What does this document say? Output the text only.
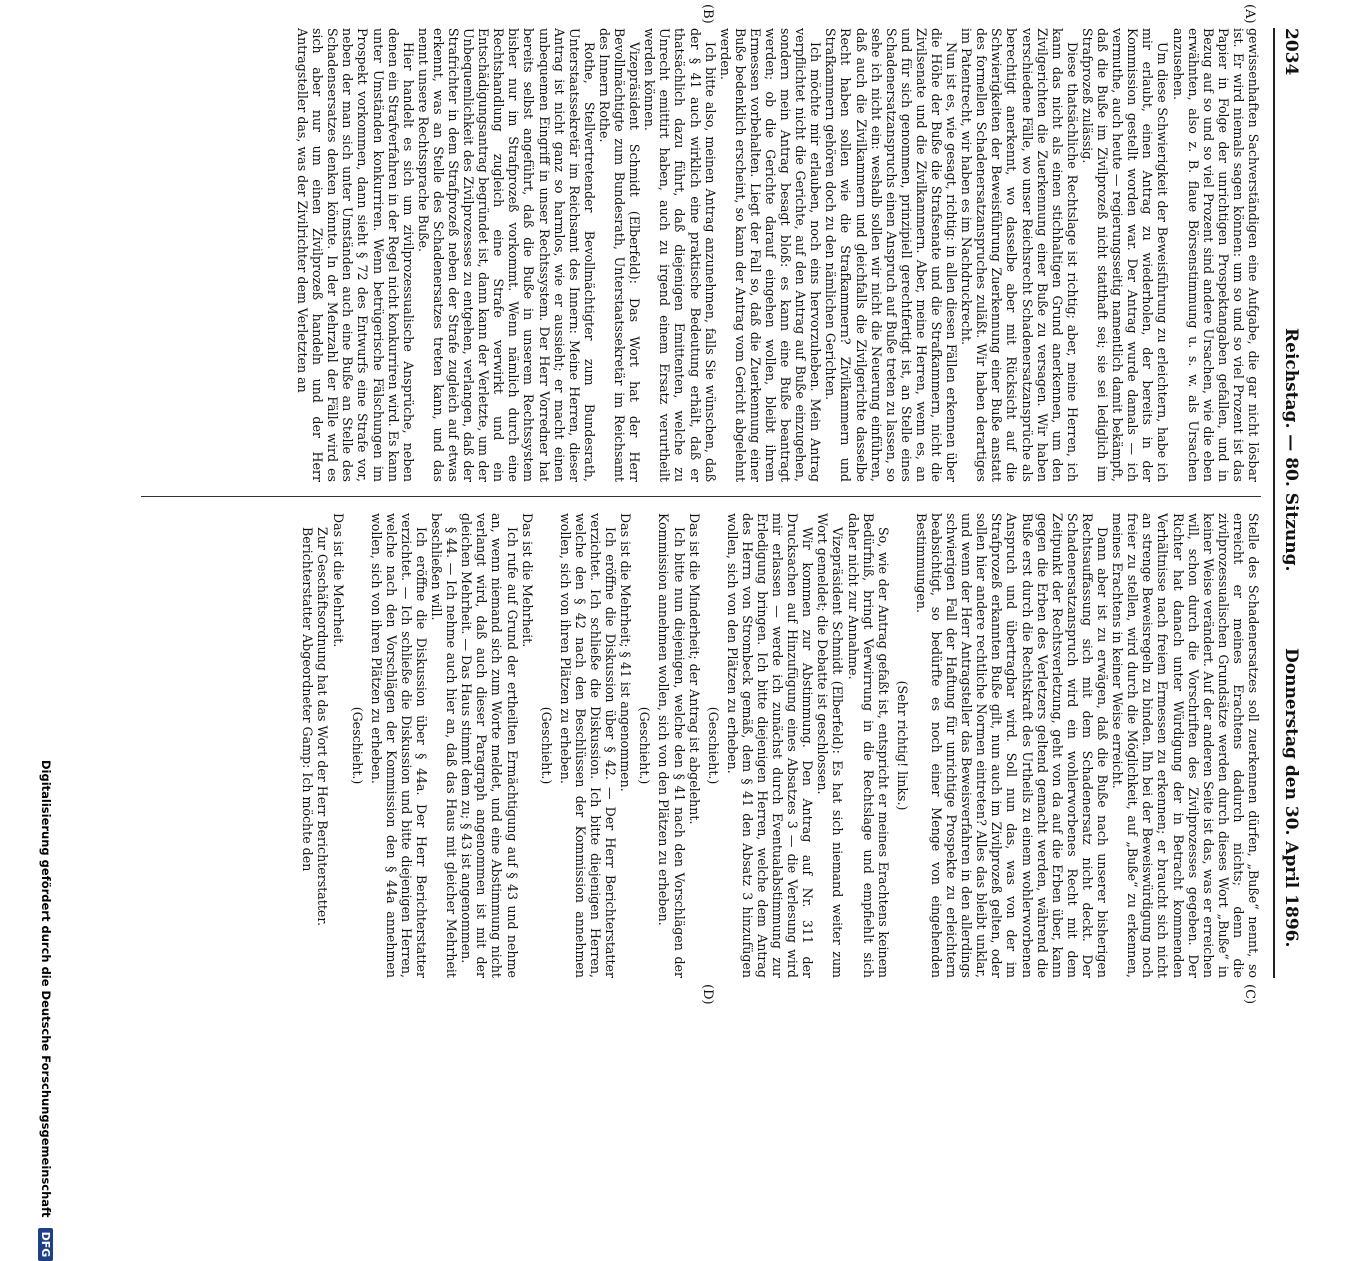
2034
Reichstag. — 80. Sitzung.
Donnerstag den 30. April 1896.
(A)
(B)
(C)
(D)

gewissenhaften Sachverständigen eine Aufgabe, die gar nicht lösbar ist. Er wird niemals sagen können: um so und so viel Prozent ist das Papier in Folge der unrichtigen Prospektangaben gefallen, und in Bezug auf so und so viel Prozent sind andere Ursachen, wie die eben erwähnten, also z. B. flaue Börsenstimmung u. s. w. als Ursachen anzusehen.

Um diese Schwierigkeit der Beweisführung zu erleichtern, habe ich mir erlaubt, einen Antrag zu wiederholen, der bereits in der Kommission gestellt worden war. Der Antrag wurde damals — ich vermuthe, auch heute — regierungsseitig namentlich damit bekämpft, daß die Buße im Zivilprozeß nicht statthaft sei; sie sei lediglich im Strafprozeß zulässig.

Diese thatsächliche Rechtslage ist richtig; aber, meine Herren, ich kann das nicht als einen stichhaltigen Grund anerkennen, um den Zivilgerichten die Zuerkennung einer Buße zu versagen. Wir haben verschiedene Fälle, wo unser Reichsrecht Schadenersatzansprüche als berechtigt anerkennt, wo dasselbe aber mit Rücksicht auf die Schwierigkeiten der Beweisführung Zuerkennung einer Buße anstatt des formellen Schadenersatzanspruches zuläßt. Wir haben derartiges im Patentrecht, wir haben es im Nachdruckrecht.

Nun ist es, wie gesagt, richtig: in allen diesen Fällen erkennen über die Höhe der Buße die Strafsenate und die Strafkammern, nicht die Zivilsenate und die Zivilkammern. Aber, meine Herren, wenn es, an und für sich genommen, prinzipiell gerechtfertigt ist, an Stelle eines Schadenersatzanspruchs einen Anspruch auf Buße treten zu lassen, so sehe ich nicht ein: weshalb sollen wir nicht die Neuerung einführen, daß auch die Zivilkammern und gleichfalls die Zivilgerichte dasselbe Recht haben sollen wie die Strafkammern? Zivilkammern und Strafkammern gehören doch zu den nämlichen Gerichten.

Ich möchte mir erlauben, noch eins hervorzuheben. Mein Antrag verpflichtet nicht die Gerichte, auf den Antrag auf Buße einzugehen, sondern mein Antrag besagt bloß: es kann eine Buße beantragt werden; ob die Gerichte darauf eingehen wollen, bleibt ihrem Ermessen vorbehalten. Liegt der Fall so, daß die Zuerkennung einer Buße bedenklich erscheint, so kann der Antrag vom Gericht abgelehnt werden.

Ich bitte also, meinen Antrag anzunehmen, falls Sie wünschen, daß der § 41 auch wirklich eine praktische Bedeutung erhält, daß er thatsächlich dazu führt, daß diejenigen Emittenten, welche zu Unrecht emittirt haben, auch zu irgend einem Ersatz verurtheilt werden können.

Vizepräsident Schmidt (Elberfeld): Das Wort hat der Herr Bevollmächtigte zum Bundesrath, Unterstaatssekretär im Reichsamt des Innern Rothe.

Rothe, Stellvertretender Bevollmächtigter zum Bundesrath, Unterstaatssekretär im Reichsamt des Innern: Meine Herren, dieser Antrag ist nicht ganz so harmlos, wie er aussieht; er macht einen unbequemen Eingriff in unser Rechtssystem. Der Herr Vorredner hat bereits selbst angeführt, daß die Buße in unserem Rechtssystem bisher nur im Strafprozeß vorkommt. Wenn nämlich durch eine Rechtshandlung zugleich eine Strafe verwirkt und ein Entschädigungsantrag begründet ist, dann kann der Verletzte, um der Unbequemlichkeit des Zivilprozesses zu entgehen, verlangen, daß der Strafrichter in dem Strafprozeß neben der Strafe zugleich auf etwas erkennt, was an Stelle des Schadenersatzes treten kann, und das nennt unsere Rechtssprache Buße.

Hier handelt es sich um zivilprozessualische Ansprüche, neben denen ein Strafverfahren in der Regel nicht konkurriren wird. Es kann unter Umständen konkurriren. Wenn betrügerische Fälschungen im Prospekt vorkommen, dann sieht § 72 des Entwurfs eine Strafe vor, neben der man sich unter Umständen auch eine Buße an Stelle des Schadensersatzes denken könnte. In der Mehrzahl der Fälle wird es sich aber nur um einen Zivilprozeß handeln und der Herr Antragsteller das, was der Zivilrichter dem Verletzten an

Stelle des Schadenersatzes soll zuerkennen dürfen, „Buße“ nennt, so erreicht er meines Erachtens dadurch nichts; denn die zivilprozessualischen Grundsätze werden durch dieses Wort „Buße“ in keiner Weise verändert. Auf der anderen Seite ist das, was er erreichen will, schon durch die Vorschriften des Zivilprozesses gegeben. Der Richter hat danach unter Würdigung der in Betracht kommenden Verhältnisse nach freiem Ermessen zu erkennen; er braucht sich nicht an strenge Beweisregeln zu binden. Ihn bei der Beweiswürdigung noch freier zu stellen, wird durch die Möglichkeit, auf „Buße“ zu erkennen, meines Erachtens in keiner Weise erreicht.

Dann aber ist zu erwägen, daß die Buße nach unserer bisherigen Rechtsauffassung sich mit dem Schadenersatz nicht deckt. Der Schadenersatzanspruch wird ein wohlerworbenes Recht mit dem Zeitpunkt der Rechtsverletzung, geht von da auf die Erben über, kann gegen die Erben des Verletzers geltend gemacht werden, während die Buße erst durch die Rechtskraft des Urtheils zu einem wohlerworbenen Anspruch und übertragbar wird. Soll nun das, was von der im Strafprozeß erkannten Buße gilt, nun auch im Zivilprozeß gelten, oder sollen hier andere rechtliche Normen eintreten? Alles das bleibt unklar, und wenn der Herr Antragsteller das Beweisverfahren in den allerdings schwierigen Fall der Haftung für unrichtige Prospekte zu erleichtern beabsichtigt, so bedürfte es noch einer Menge von eingehenden Bestimmungen.

(Sehr richtig! links.)

So, wie der Antrag gefaßt ist, entspricht er meines Erachtens keinem Bedürfniß, bringt Verwirrung in die Rechtslage und empfiehlt sich daher nicht zur Annahme.

Vizepräsident Schmidt (Elberfeld): Es hat sich niemand weiter zum Wort gemeldet; die Debatte ist geschlossen.

Wir kommen zur Abstimmung. Den Antrag auf Nr. 311 der Drucksachen auf Hinzufügung eines Absatzes 3 — die Verlesung wird mir erlassen — werde ich zunächst durch Eventualabstimmung zur Erledigung bringen. Ich bitte diejenigen Herren, welche dem Antrag des Herrn von Strombeck gemäß, dem § 41 den Absatz 3 hinzufügen wollen, sich von den Plätzen zu erheben.

(Geschieht.)

Das ist die Minderheit; der Antrag ist abgelehnt.

Ich bitte nun diejenigen, welche den § 41 nach den Vorschlägen der Kommission annehmen wollen, sich von den Plätzen zu erheben.

(Geschieht.)

Das ist die Mehrheit; § 41 ist angenommen.

Ich eröffne die Diskussion über § 42. — Der Herr Berichterstatter verzichtet. Ich schließe die Diskussion. Ich bitte diejenigen Herren, welche den § 42 nach den Beschlüssen der Kommission annehmen wollen, sich von ihren Plätzen zu erheben.

(Geschieht.)

Das ist die Mehrheit.

Ich rufe auf Grund der ertheilten Ermächtigung auf § 43 und nehme an, wenn niemand sich zum Worte meldet, und eine Abstimmung nicht verlangt wird, daß auch dieser Paragraph angenommen ist mit der gleichen Mehrheit. — Das Haus stimmt dem zu; § 43 ist angenommen.

§ 44. — Ich nehme auch hier an, daß das Haus mit gleicher Mehrheit beschließen will.

Ich eröffne die Diskussion über § 44a. Der Herr Berichterstatter verzichtet. — Ich schließe die Diskussion und bitte diejenigen Herren, welche nach den Vorschlägen der Kommission den § 44a annehmen wollen, sich von ihren Plätzen zu erheben.

(Geschieht.)

Das ist die Mehrheit.

Zur Geschäftsordnung hat das Wort der Herr Berichterstatter.

Berichterstatter Abgeordneter Gamp: Ich möchte den

Digitalisierung gefördert durch die Deutsche Forschungsgemeinschaft DFG
